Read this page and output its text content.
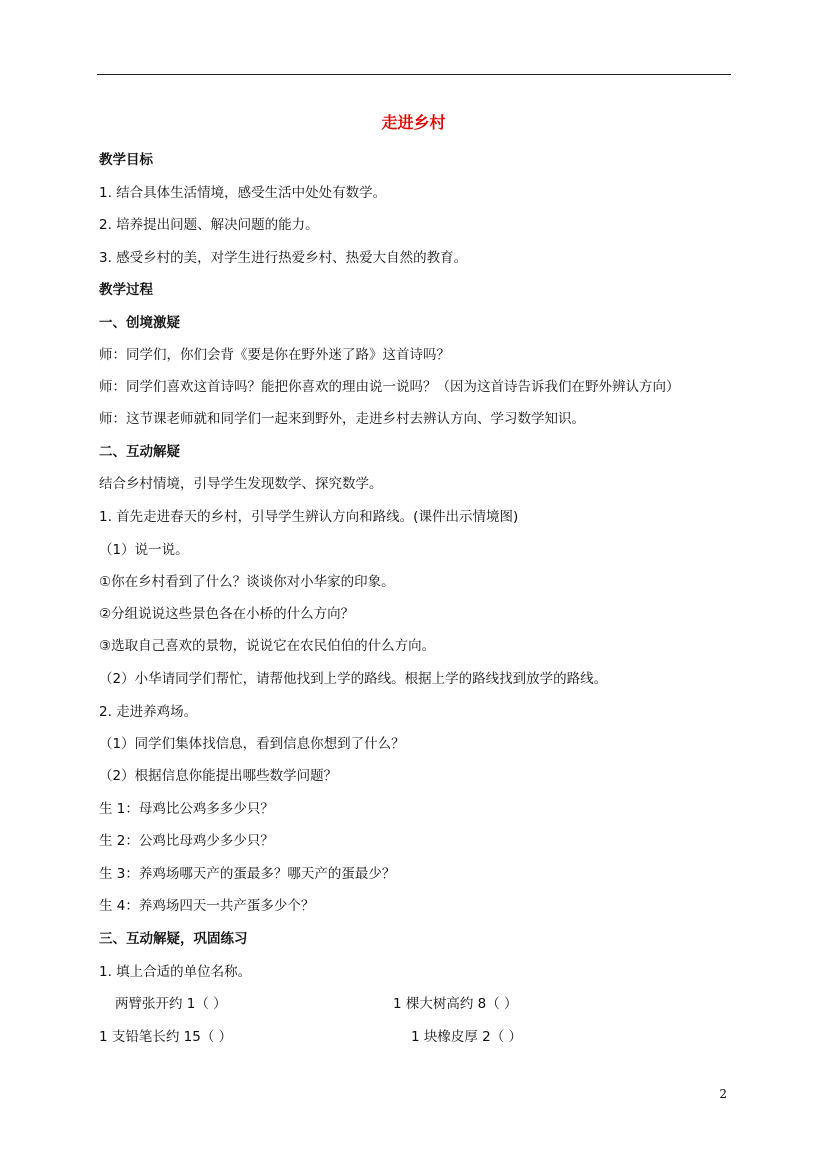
走进乡村
教学目标
1. 结合具体生活情境，感受生活中处处有数学。
2. 培养提出问题、解决问题的能力。
3. 感受乡村的美，对学生进行热爱乡村、热爱大自然的教育。
教学过程
一、创境激疑
师：同学们，你们会背《要是你在野外迷了路》这首诗吗？
师：同学们喜欢这首诗吗？能把你喜欢的理由说一说吗？（因为这首诗告诉我们在野外辨认方向）
师：这节课老师就和同学们一起来到野外，走进乡村去辨认方向、学习数学知识。
二、互动解疑
结合乡村情境，引导学生发现数学、探究数学。
1. 首先走进春天的乡村，引导学生辨认方向和路线。(课件出示情境图)
（1）说一说。
①你在乡村看到了什么？谈谈你对小华家的印象。
②分组说说这些景色各在小桥的什么方向？
③选取自己喜欢的景物，说说它在农民伯伯的什么方向。
（2）小华请同学们帮忙，请帮他找到上学的路线。根据上学的路线找到放学的路线。
2. 走进养鸡场。
（1）同学们集体找信息，看到信息你想到了什么？
（2）根据信息你能提出哪些数学问题？
生 1：母鸡比公鸡多多少只？
生 2：公鸡比母鸡少多少只？
生 3：养鸡场哪天产的蛋最多？哪天产的蛋最少？
生 4：养鸡场四天一共产蛋多少个？
三、互动解疑，巩固练习
1. 填上合适的单位名称。
两臂张开约 1（ ）	1 棵大树高约 8（ ）
1 支铅笔长约 15（ ）	1 块橡皮厚 2（ ）
2
